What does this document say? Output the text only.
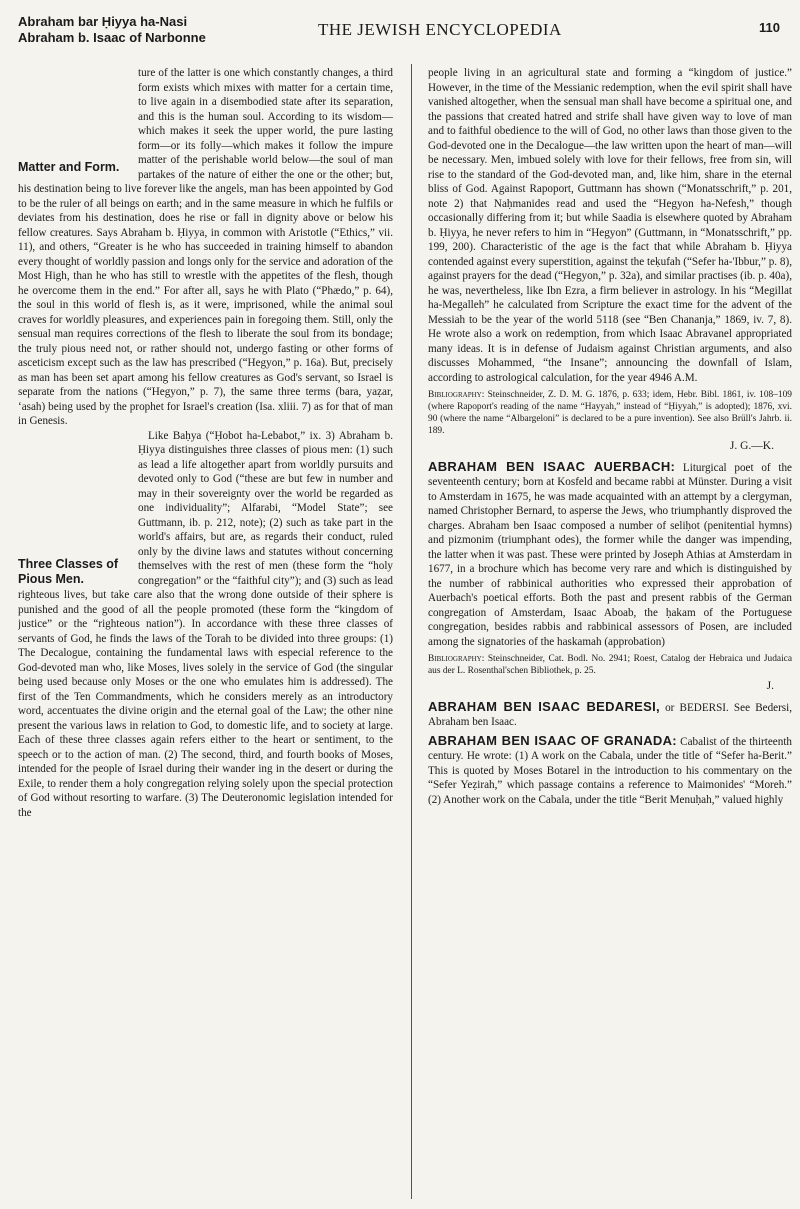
Abraham bar Ḥiyya ha-Nasi
Abraham b. Isaac of Narbonne	THE JEWISH ENCYCLOPEDIA	110

Matter and Form.
ture of the latter is one which constantly changes, a third form exists which mixes with matter for a certain time, to live again in a disembodied state after its separation, and this is the human soul. According to its wisdom—which makes it seek the upper world, the pure lasting form—or its folly—which makes it follow the impure matter of the perishable world below—the soul of man partakes of the nature of either the one or the other; but, his destination being to live forever like the angels, man has been appointed by God to be the ruler of all beings on earth; and in the same measure in which he fulfils or deviates from his destination, does he rise or fall in dignity above or below his fellow creatures. Says Abraham b. Ḥiyya, in common with Aristotle (“Ethics,” vii. 11), and others, “Greater is he who has succeeded in training himself to abandon every thought of worldly passion and longs only for the service and adoration of the Most High, than he who has still to wrestle with the appetites of the flesh, though he overcome them in the end.” For after all, says he with Plato (“Phædo,” p. 64), the soul in this world of flesh is, as it were, imprisoned, while the animal soul craves for worldly pleasures, and experiences pain in foregoing them. Still, only the sensual man requires corrections of the flesh to liberate the soul from its bondage; the truly pious need not, or rather should not, undergo fasting or other forms of asceticism except such as the law has prescribed (“Hegyon,” p. 16a). But, precisely as man has been set apart among his fellow creatures as God's servant, so Israel is separate from the nations (“Hegyon,” p. 7), the same three terms (bara, yaẓar, ‘asah) being used by the prophet for Israel's creation (Isa. xliii. 7) as for that of man in Genesis.

Three Classes of Pious Men.
Like Baḥya (“Ḥobot ha-Lebabot,” ix. 3) Abraham b. Ḥiyya distinguishes three classes of pious men: (1) such as lead a life altogether apart from worldly pursuits and devoted only to God (“these are but few in number and may in their sovereignty over the world be regarded as one individuality”; Alfarabi, “Model State”; see Guttmann, ib. p. 212, note); (2) such as take part in the world's affairs, but are, as regards their conduct, ruled only by the divine laws and statutes without concerning themselves with the rest of men (these form the “holy congregation” or the “faithful city”); and (3) such as lead righteous lives, but take care also that the wrong done outside of their sphere is punished and the good of all the people promoted (these form the “kingdom of justice” or the “righteous nation”). In accordance with these three classes of servants of God, he finds the laws of the Torah to be divided into three groups: (1) The Decalogue, containing the fundamental laws with especial reference to the God-devoted man who, like Moses, lives solely in the service of God (the singular being used because only Moses or the one who emulates him is addressed). The first of the Ten Commandments, which he considers merely as an introductory word, accentuates the divine origin and the eternal goal of the Law; the other nine present the various laws in relation to God, to domestic life, and to society at large. Each of these three classes again refers either to the heart or sentiment, to the speech or to the action of man. (2) The second, third, and fourth books of Moses, intended for the people of Israel during their wander ing in the desert or during the Exile, to render them a holy congregation relying solely upon the special protection of God without resorting to warfare. (3) The Deuteronomic legislation intended for the

people living in an agricultural state and forming a “kingdom of justice.” However, in the time of the Messianic redemption, when the evil spirit shall have vanished altogether, when the sensual man shall have become a spiritual one, and the passions that created hatred and strife shall have given way to love of man and to faithful obedience to the will of God, no other laws than those given to the God-devoted one in the Decalogue—the law written upon the heart of man—will be necessary. Men, imbued solely with love for their fellows, free from sin, will rise to the standard of the God-devoted man, and, like him, share in the eternal bliss of God. Against Rapoport, Guttmann has shown (“Monatsschrift,” p. 201, note 2) that Naḥmanides read and used the “Hegyon ha-Nefesh,” though occasionally differing from it; but while Saadia is elsewhere quoted by Abraham b. Ḥiyya, he never refers to him in “Hegyon” (Guttmann, in “Monatsschrift,” pp. 199, 200). Characteristic of the age is the fact that while Abraham b. Ḥiyya contended against every superstition, against the teḳufah (“Sefer ha-'Ibbur,” p. 8), against prayers for the dead (“Hegyon,” p. 32a), and similar practises (ib. p. 40a), he was, nevertheless, like Ibn Ezra, a firm believer in astrology. In his “Megillat ha-Megalleh” he calculated from Scripture the exact time for the advent of the Messiah to be the year of the world 5118 (see “Ben Chananja,” 1869, iv. 7, 8). He wrote also a work on redemption, from which Isaac Abravanel appropriated many ideas. It is in defense of Judaism against Christian arguments, and also discusses Mohammed, “the Insane”; announcing the downfall of Islam, according to astrological calculation, for the year 4946 A.M.

Bibliography: Steinschneider, Z. D. M. G. 1876, p. 633; idem, Hebr. Bibl. 1861, iv. 108–109 (where Rapoport's reading of the name “Hayyah,” instead of “Ḥiyyah,” is adopted); 1876, xvi. 90 (where the name “Albargeloni” is declared to be a pure invention). See also Brüll's Jahrb. ii. 189.

J. G.—K.

ABRAHAM BEN ISAAC AUERBACH: Liturgical poet of the seventeenth century; born at Kosfeld and became rabbi at Münster. During a visit to Amsterdam in 1675, he was made acquainted with an attempt by a clergyman, named Christopher Bernard, to asperse the Jews, who triumphantly disproved the charges. Abraham ben Isaac composed a number of seliḥot (penitential hymns) and pizmonim (triumphant odes), the former while the danger was impending, the latter when it was past. These were printed by Joseph Athias at Amsterdam in 1677, in a brochure which has become very rare and which is distinguished by the number of rabbinical authorities who expressed their approbation of Auerbach's poetical efforts. Both the past and present rabbis of the German congregation of Amsterdam, Isaac Aboab, the ḥakam of the Portuguese congregation, besides rabbis and rabbinical assessors of Posen, are included among the signatories of the haskamah (approbation)

Bibliography: Steinschneider, Cat. Bodl. No. 2941; Roest, Catalog der Hebraica und Judaica aus der L. Rosenthal'schen Bibliothek, p. 25.

J.

ABRAHAM BEN ISAAC BEDARESI, or BEDERSI. See Bedersi, Abraham ben Isaac.

ABRAHAM BEN ISAAC OF GRANADA: Cabalist of the thirteenth century. He wrote: (1) A work on the Cabala, under the title of “Sefer ha-Berit.” This is quoted by Moses Botarel in the introduction to his commentary on the “Sefer Yeẓirah,” which passage contains a reference to Maimonides' “Moreh.” (2) Another work on the Cabala, under the title “Berit Menuḥah,” valued highly
